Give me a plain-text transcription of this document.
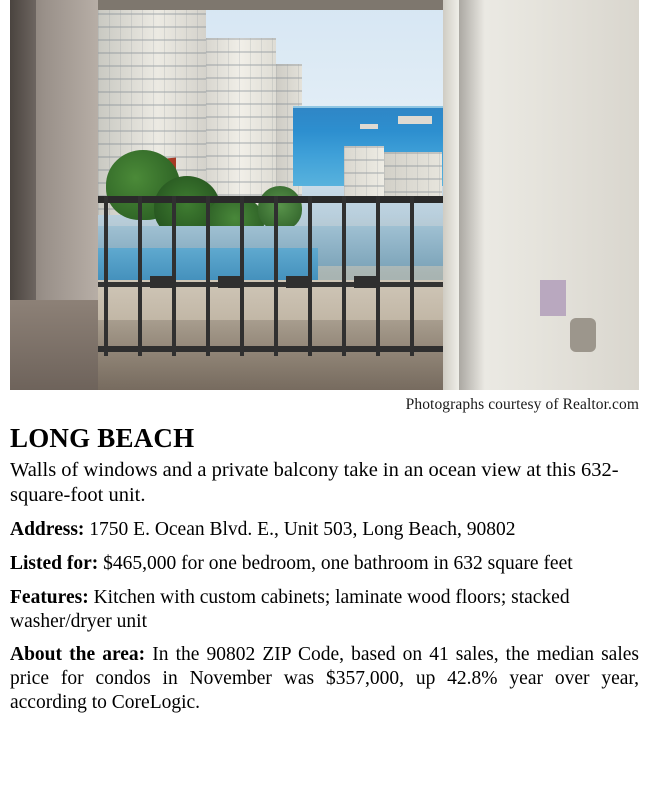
Photographs courtesy of Realtor.com
LONG BEACH

Walls of windows and a private balcony take in an ocean view at this 632-square-foot unit.

Address: 1750 E. Ocean Blvd. E., Unit 503, Long Beach, 90802

Listed for: $465,000 for one bedroom, one bathroom in 632 square feet

Features: Kitchen with custom cabinets; laminate wood floors; stacked washer/dryer unit

About the area: In the 90802 ZIP Code, based on 41 sales, the median sales price for condos in November was $357,000, up 42.8% year over year, according to CoreLogic.
